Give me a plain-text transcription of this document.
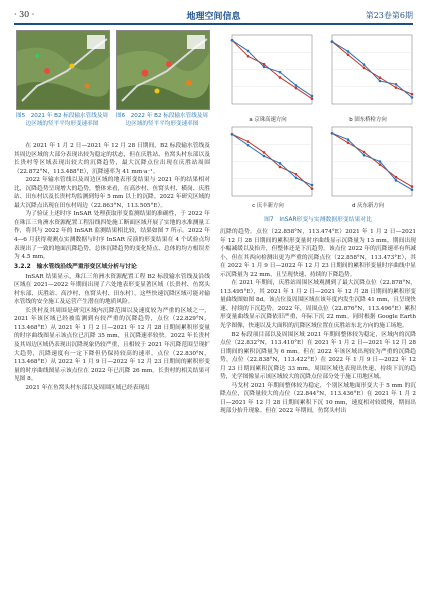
· 30 ·	地理空间信息	第23卷第6期
图5　2021 年 B2 标段输水管线及周边区域的竖平平均形变速率图
图6　2022 年 B2 标段输水管线及周边区域的竖平平均形变速率图

在 2021 年 1 月 2 日—2021 年 12 月 28 日期间，B2 标段输水管线及其周边区域的大部分表现出较为稳定的状态，但在庆胜站、鱼窝头村东部以及长贵村等区域表现出较大的沉降趋势，最大沉降点位出现在庆胜站周围（22.872°N，113.488°E），沉降速率为 41 mm·a⁻¹。

2022 年输水管线以及周边区域的地表形变结果与 2021 年的结果相对比，沉降趋势呈现增大的趋势，整体来看，在高沙村、鱼窝头村、横岗、庆胜站、田东村以及长贵村均监测到每年 5 mm 以上的沉降。2022 年研究区域的最大沉降点出现在田东村周边（22.863°N，113.505°E）。

为了验证上述时序 InSAR 处理获取形变监测结果的准确性，于 2022 年在珠江三角洲水资源配置工程沿线四处施工断面区域开展了实地的水准测量工作，将其与 2022 年的 InSAR 监测结果相比较，结果如图 7 所示。2022 年 4—6 月获得观测点实测数据与时序 InSAR 反演的形变结果在 4 个试验点均表现出了一致的地面沉降趋势，总体沉降趋势的变化特点、总体的均方根误差为 4.5 mm。

3.2.2　输水管线沿线严重形变区域分析与讨论

InSAR 结果显示，珠江三角洲水资源配置工程 B2 标段输水管线及沿线区域在 2021—2022 年期间出现了六处地表形变显著区域（长贵村、鱼窝头村东部、庆胜站、高沙村、鱼窝头村、田东村），这些快速沉降区域可能对输水管线的安全施工及运营产生潜在的地质风险。

长贵村及其周围是研究区域内沉降范围以及速度较为严重的区域之一，2021 年该区域已经被监测到有较严重的沉降趋势，点位（22.829°N，113.468°E）从 2021 年 1 月 2 日—2021 年 12 月 28 日期间累积形变量的时序曲线图显示该点位已沉降 35 mm，且沉降速率较快。2022 年长贵村及其周边区域仍表现出沉降现象仍较严重，且相较于 2021 年沉降范围呈现扩大趋势，沉降速度有一定下降但仍保持较高的速率。点位（22.830°N，113.468°E）从 2022 年 1 月 9 日—2022 年 12 月 23 日期间的累积形变量的时序曲线图显示该点位在 2022 年已沉降 26 mm。长贵村的相关结果可见图 8。

2021 年在鱼窝头村东部以及周围区域已经表现出

a 京珠高速方向	b 固东桥检方向
c 庆丰新方向	d 庆东新方向
图7　InSAR形变与实测数据形变结果对比

沉降的趋势。点位（22.858°N，113.474°E）2021 年 1 月 2 日—2021 年 12 月 28 日期间的累积形变量时序曲线显示沉降量为 13 mm，期间出现小幅减缓以及抬升，但整体还是下沉趋势。该点位 2022 年的沉降速率有所减小，但在其西向检测出更为严重的沉降点位（22.858°N，113.473°E），其在 2022 年 1 月 9 日—2022 年 12 月 23 日期间的累积形变量时序曲线中显示沉降量为 22 mm，且呈现快速、持续的下降趋势。

在 2021 年期间，庆胜站周围区域观测到了最大沉降点位（22.878°N，113.495°E），其 2021 年 1 月 2 日—2021 年 12 月 28 日期间的累积形变量曲线图如图 8d。该点位及周围区域在该年度内发生沉降 41 mm，且呈现快速、持续的下沉趋势。2022 年，周围点位（22.876°N，113.496°E）累积形变量曲线显示沉降依旧严重，年际下沉 22 mm。同时根据 Google Earth 光学图像，快速以及大面积的沉降区域位置在庆胜站东北方向的施工场地。

B2 标段项目部以及周围区域 2021 年期间整体较为稳定，区域内的沉降点位（22.832°N，113.410°E）在 2021 年 1 月 2 日—2021 年 12 月 28 日期间的累积沉降量为 6 mm。但在 2022 年该区域出现较为严重的沉降趋势，点位（22.838°N，113.422°E）在 2022 年 1 月 9 日—2022 年 12 月 23 日期间累积沉降达 33 mm，周围区域也表现出快速、持续下沉的趋势，光学图像显示该区域较大的沉降点位部分处于施工用地区域。

马戈村 2021 年期间整体较为稳定，个别区域地面形变大于 5 mm 的沉降点位，沉降量较大的点位（22.844°N，113.436°E）在 2021 年 1 月 2 日—2021 年 12 月 28 日期间累积下沉 10 mm，速度相对较缓慢，期间出现部分抬升现象。但在 2022 年期间，鱼窝头村出
